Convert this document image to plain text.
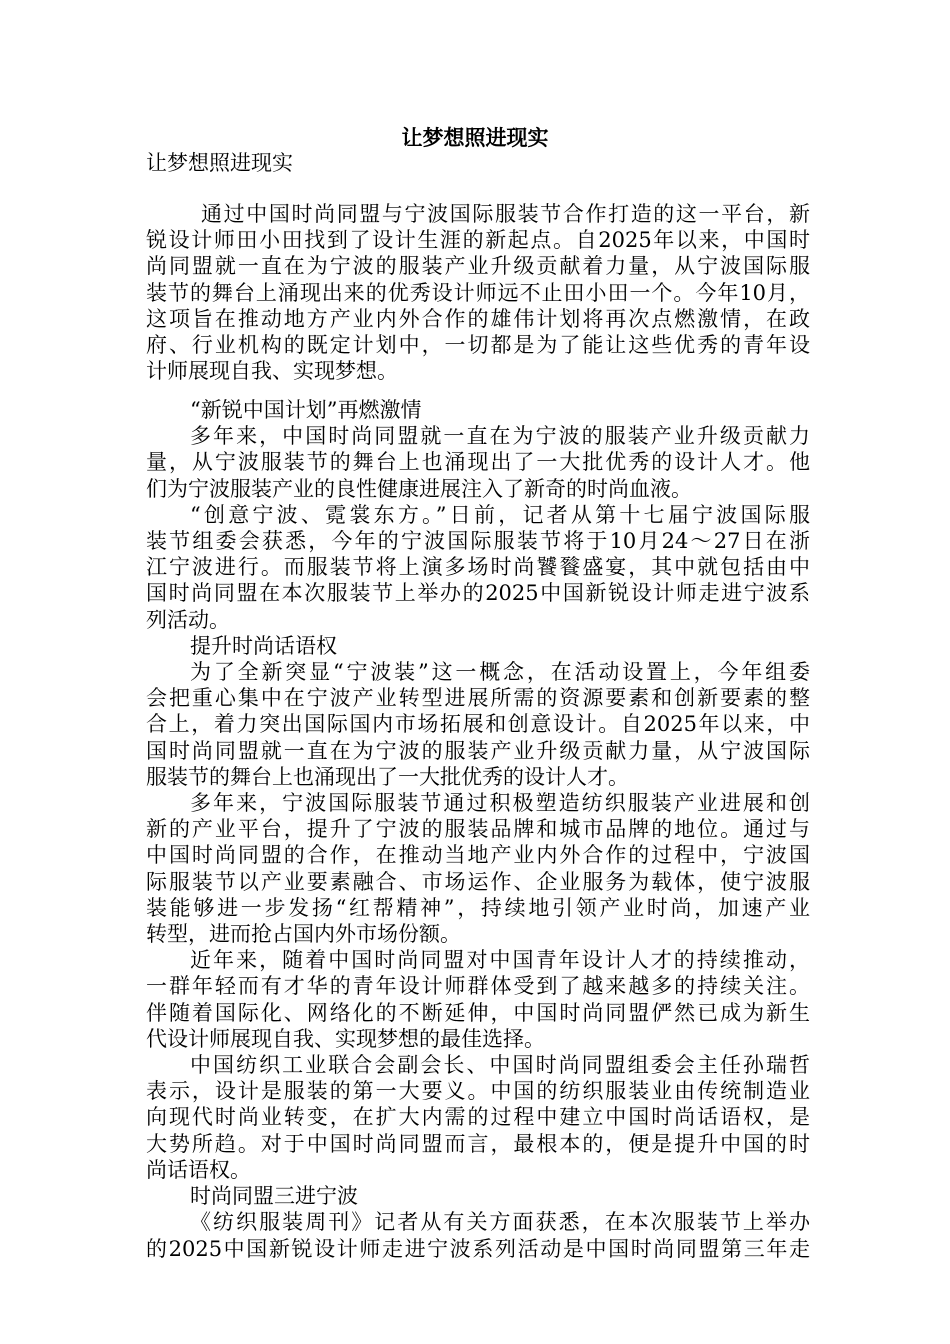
让梦想照进现实

让梦想照进现实

通过中国时尚同盟与宁波国际服装节合作打造的这一平台，新
锐设计师田小田找到了设计生涯的新起点。自2025年以来，中国时
尚同盟就一直在为宁波的服装产业升级贡献着力量，从宁波国际服
装节的舞台上涌现出来的优秀设计师远不止田小田一个。今年10月，
这项旨在推动地方产业内外合作的雄伟计划将再次点燃激情，在政
府、行业机构的既定计划中，一切都是为了能让这些优秀的青年设
计师展现自我、实现梦想。

“新锐中国计划”再燃激情
多年来，中国时尚同盟就一直在为宁波的服装产业升级贡献力
量，从宁波服装节的舞台上也涌现出了一大批优秀的设计人才。他
们为宁波服装产业的良性健康进展注入了新奇的时尚血液。
“创意宁波、霓裳东方。”日前，记者从第十七届宁波国际服
装节组委会获悉，今年的宁波国际服装节将于10月24～27日在浙
江宁波进行。而服装节将上演多场时尚饕餮盛宴，其中就包括由中
国时尚同盟在本次服装节上举办的2025中国新锐设计师走进宁波系
列活动。
提升时尚话语权
为了全新突显“宁波装”这一概念，在活动设置上，今年组委
会把重心集中在宁波产业转型进展所需的资源要素和创新要素的整
合上，着力突出国际国内市场拓展和创意设计。自2025年以来，中
国时尚同盟就一直在为宁波的服装产业升级贡献力量，从宁波国际
服装节的舞台上也涌现出了一大批优秀的设计人才。
多年来，宁波国际服装节通过积极塑造纺织服装产业进展和创
新的产业平台，提升了宁波的服装品牌和城市品牌的地位。通过与
中国时尚同盟的合作，在推动当地产业内外合作的过程中，宁波国
际服装节以产业要素融合、市场运作、企业服务为载体，使宁波服
装能够进一步发扬“红帮精神”，持续地引领产业时尚，加速产业
转型，进而抢占国内外市场份额。
近年来，随着中国时尚同盟对中国青年设计人才的持续推动，
一群年轻而有才华的青年设计师群体受到了越来越多的持续关注。
伴随着国际化、网络化的不断延伸，中国时尚同盟俨然已成为新生
代设计师展现自我、实现梦想的最佳选择。
中国纺织工业联合会副会长、中国时尚同盟组委会主任孙瑞哲
表示，设计是服装的第一大要义。中国的纺织服装业由传统制造业
向现代时尚业转变，在扩大内需的过程中建立中国时尚话语权，是
大势所趋。对于中国时尚同盟而言，最根本的，便是提升中国的时
尚话语权。
时尚同盟三进宁波
《纺织服装周刊》记者从有关方面获悉，在本次服装节上举办
的2025中国新锐设计师走进宁波系列活动是中国时尚同盟第三年走
